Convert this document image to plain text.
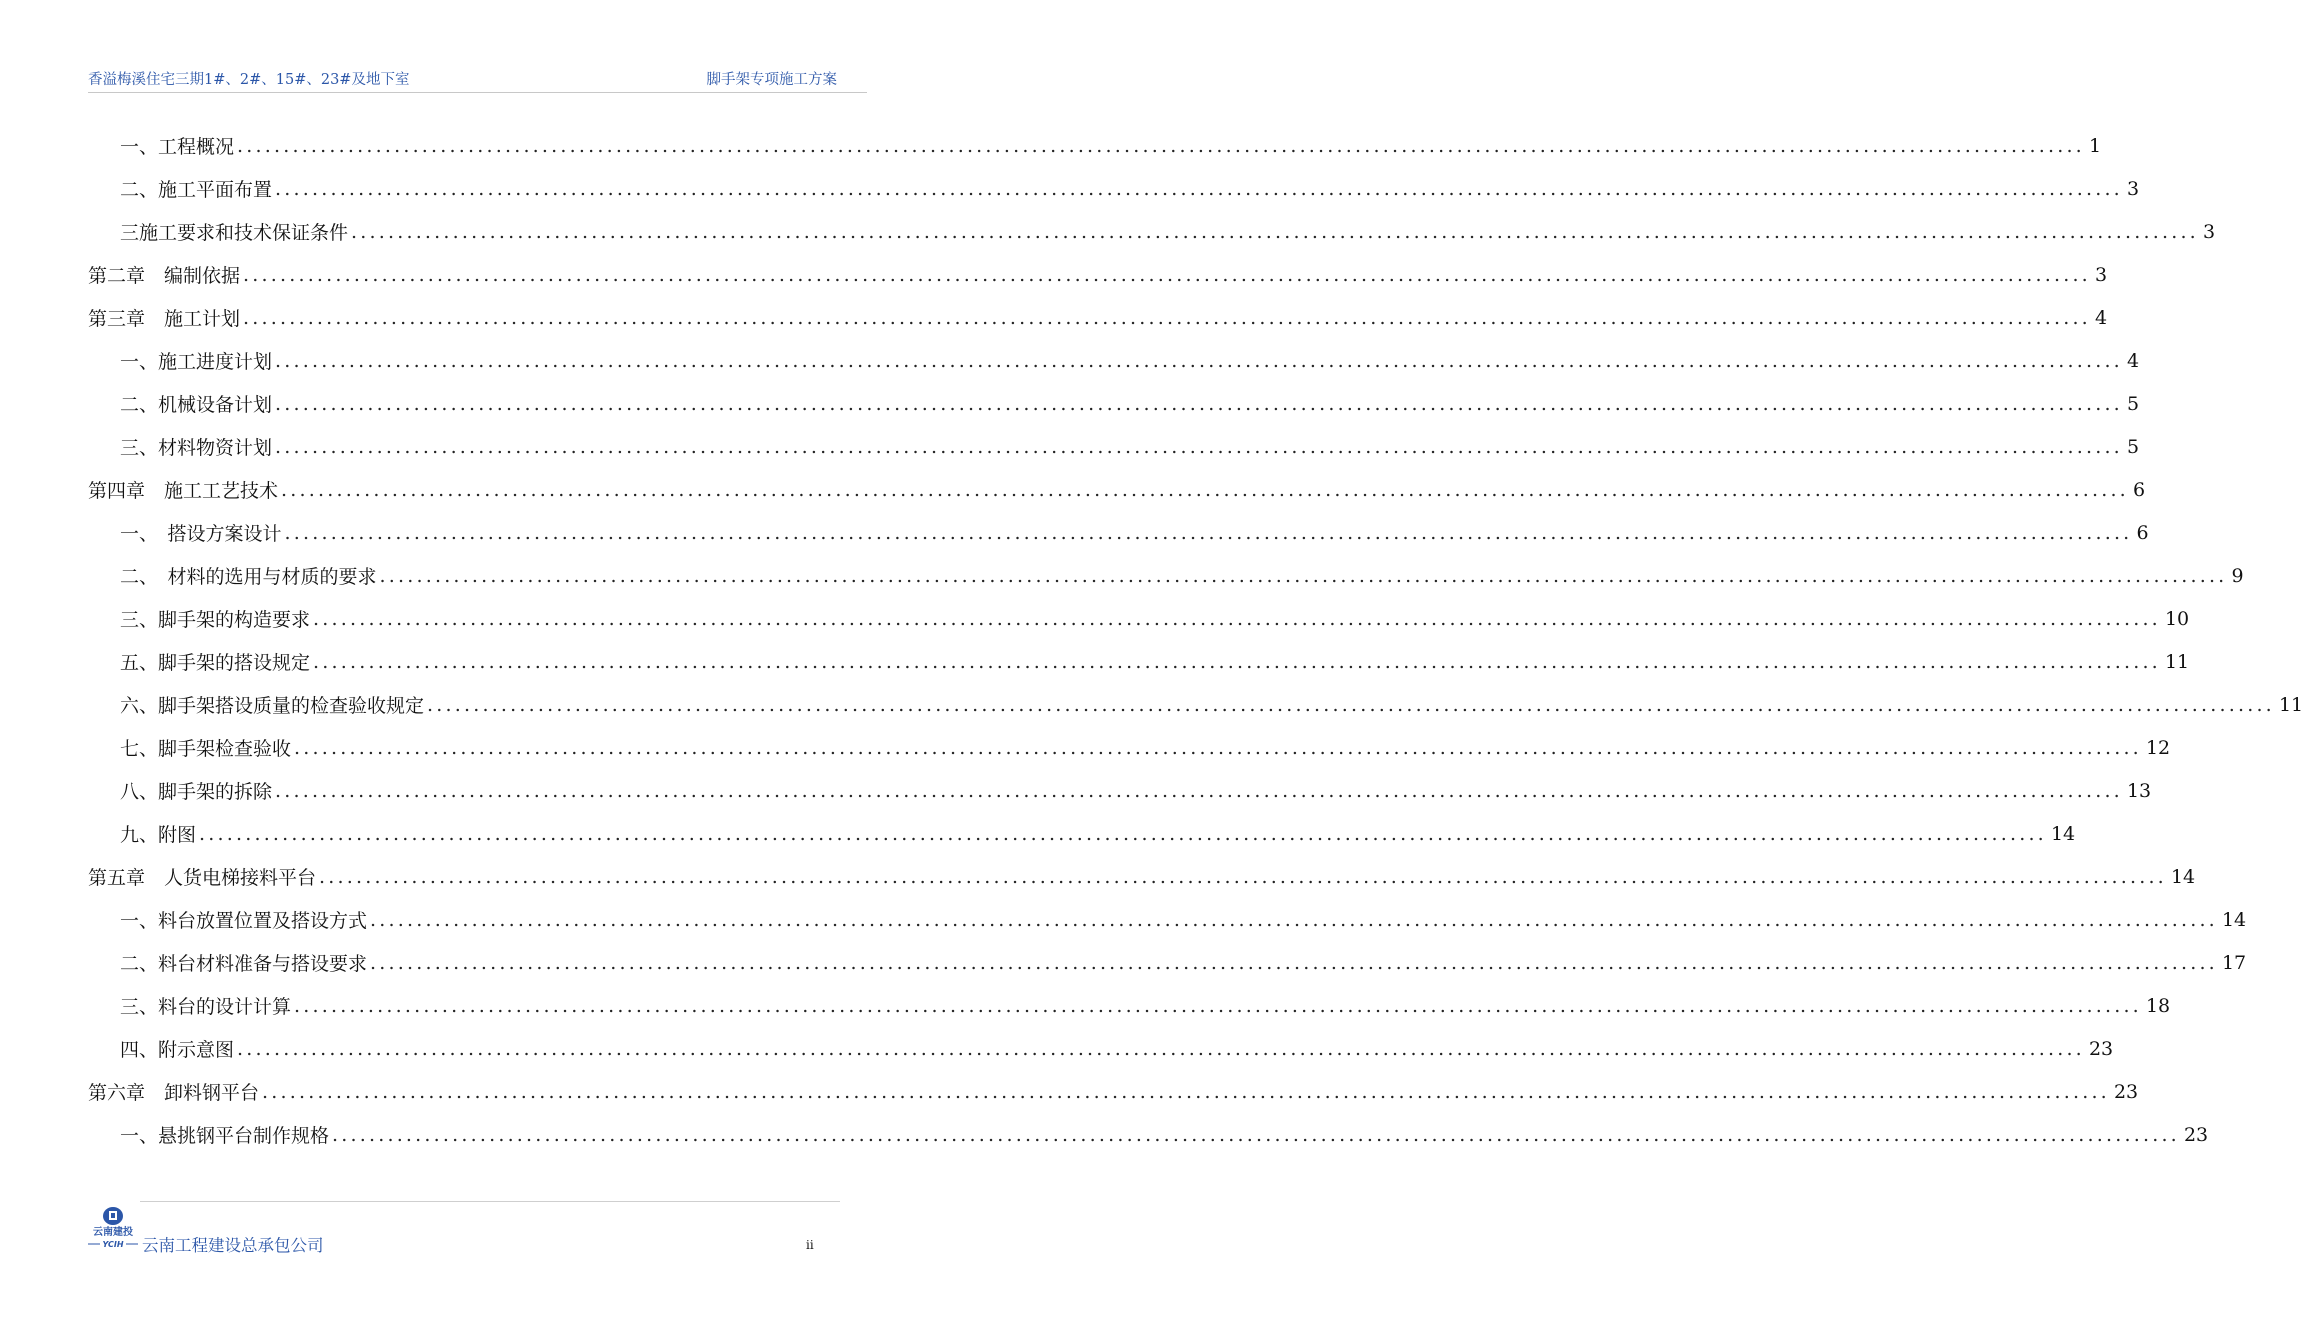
香溢梅溪住宅三期1#、2#、15#、23#及地下室	脚手架专项施工方案
一、工程概况 ........................................................................................................................................................................................................ 1
二、施工平面布置 ........................................................................................................................................................................................................ 3
三施工要求和技术保证条件 ........................................................................................................................................................................................................ 3
第二章　编制依据 ........................................................................................................................................................................................................ 3
第三章　施工计划 ........................................................................................................................................................................................................ 4
一、施工进度计划 ........................................................................................................................................................................................................ 4
二、机械设备计划 ........................................................................................................................................................................................................ 5
三、材料物资计划 ........................................................................................................................................................................................................ 5
第四章　施工工艺技术 ........................................................................................................................................................................................................ 6
一、　搭设方案设计 ........................................................................................................................................................................................................ 6
二、　材料的选用与材质的要求 ........................................................................................................................................................................................................ 9
三、脚手架的构造要求 ........................................................................................................................................................................................................ 10
五、脚手架的搭设规定 ........................................................................................................................................................................................................ 11
六、脚手架搭设质量的检查验收规定 ........................................................................................................................................................................................................ 11
七、脚手架检查验收 ........................................................................................................................................................................................................ 12
八、脚手架的拆除 ........................................................................................................................................................................................................ 13
九、附图 ........................................................................................................................................................................................................ 14
第五章　人货电梯接料平台 ........................................................................................................................................................................................................ 14
一、料台放置位置及搭设方式 ........................................................................................................................................................................................................ 14
二、料台材料准备与搭设要求 ........................................................................................................................................................................................................ 17
三、料台的设计计算 ........................................................................................................................................................................................................ 18
四、附示意图 ........................................................................................................................................................................................................ 23
第六章　卸料钢平台 ........................................................................................................................................................................................................ 23
一、悬挑钢平台制作规格 ........................................................................................................................................................................................................ 23
云南建投
YCIH 云南工程建设总承包公司	ii
